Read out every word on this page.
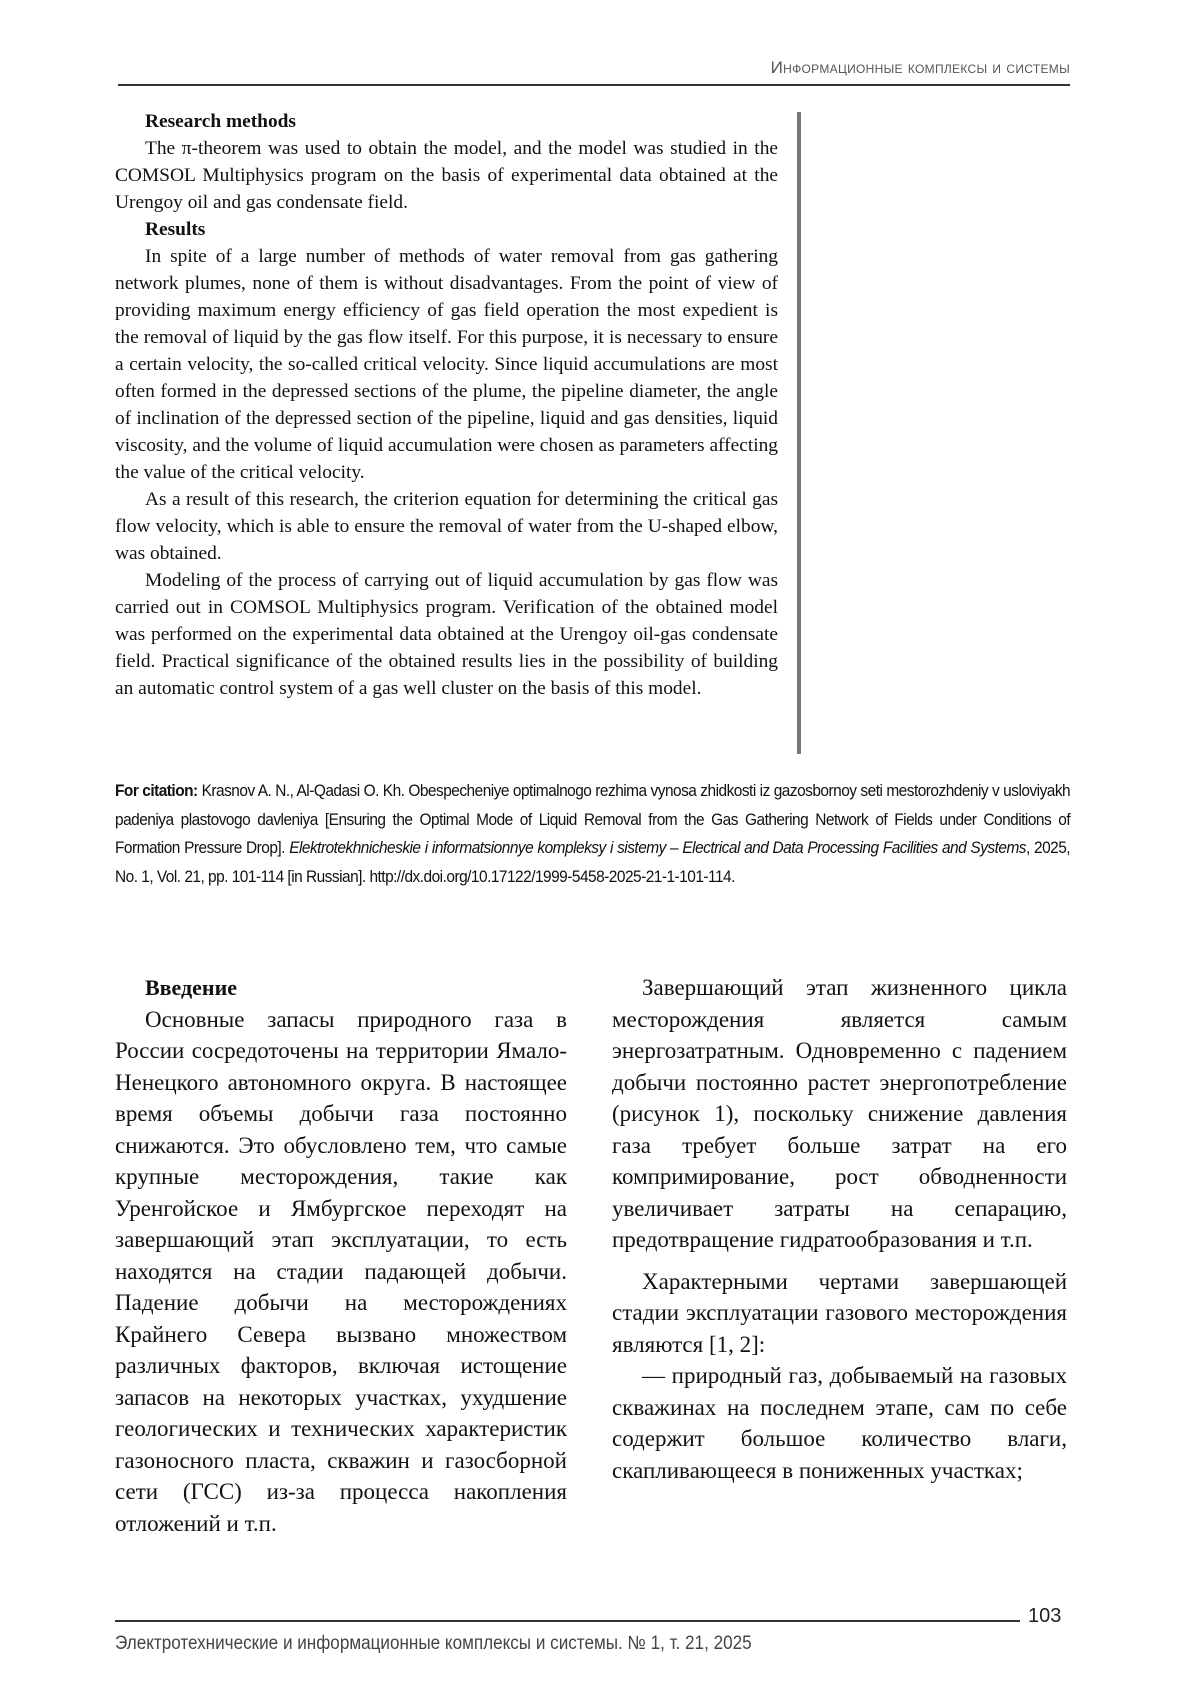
Информационные комплексы и системы
Research methods

The π-theorem was used to obtain the model, and the model was studied in the COMSOL Multiphysics program on the basis of experimental data obtained at the Urengoy oil and gas condensate field.

Results

In spite of a large number of methods of water removal from gas gathering network plumes, none of them is without disadvantages. From the point of view of providing maximum energy efficiency of gas field operation the most expedient is the removal of liquid by the gas flow itself. For this purpose, it is necessary to ensure a certain velocity, the so-called critical velocity. Since liquid accumulations are most often formed in the depressed sections of the plume, the pipeline diameter, the angle of inclination of the depressed section of the pipeline, liquid and gas densities, liquid viscosity, and the volume of liquid accumulation were chosen as parameters affecting the value of the critical velocity.

As a result of this research, the criterion equation for determining the critical gas flow velocity, which is able to ensure the removal of water from the U-shaped elbow, was obtained.

Modeling of the process of carrying out of liquid accumulation by gas flow was carried out in COMSOL Multiphysics program. Verification of the obtained model was performed on the experimental data obtained at the Urengoy oil-gas condensate field. Practical significance of the obtained results lies in the possibility of building an automatic control system of a gas well cluster on the basis of this model.

For citation: Krasnov A. N., Al-Qadasi O. Kh. Obespecheniye optimalnogo rezhima vynosa zhidkosti iz gazosbornoy seti mestorozhdeniy v usloviyakh padeniya plastovogo davleniya [Ensuring the Optimal Mode of Liquid Removal from the Gas Gathering Network of Fields under Conditions of Formation Pressure Drop]. Elektrotekhnicheskie i informatsionnye kompleksy i sistemy – Electrical and Data Processing Facilities and Systems, 2025, No. 1, Vol. 21, pp. 101-114 [in Russian]. http://dx.doi.org/10.17122/1999-5458-2025-21-1-101-114.
Введение

Основные запасы природного газа в России сосредоточены на территории Ямало-Ненецкого автономного округа. В настоящее время объемы добычи газа постоянно снижаются. Это обусловлено тем, что самые крупные месторождения, такие как Уренгойское и Ямбургское переходят на завершающий этап эксплуатации, то есть находятся на стадии падающей добычи. Падение добычи на месторождениях Крайнего Севера вызвано множеством различных факторов, включая истощение запасов на некоторых участках, ухудшение геологических и технических характеристик газоносного пласта, скважин и газосборной сети (ГСС) из-за процесса накопления отложений и т.п.

Завершающий этап жизненного цикла месторождения является самым энергозатратным. Одновременно с падением добычи постоянно растет энергопотребление (рисунок 1), поскольку снижение давления газа требует больше затрат на его компримирование, рост обводненности увеличивает затраты на сепарацию, предотвращение гидратообразования и т.п.

Характерными чертами завершающей стадии эксплуатации газового месторождения являются [1, 2]:

— природный газ, добываемый на газовых скважинах на последнем этапе, сам по себе содержит большое количество влаги, скапливающееся в пониженных участках;

103
Электротехнические и информационные комплексы и системы. № 1, т. 21, 2025
